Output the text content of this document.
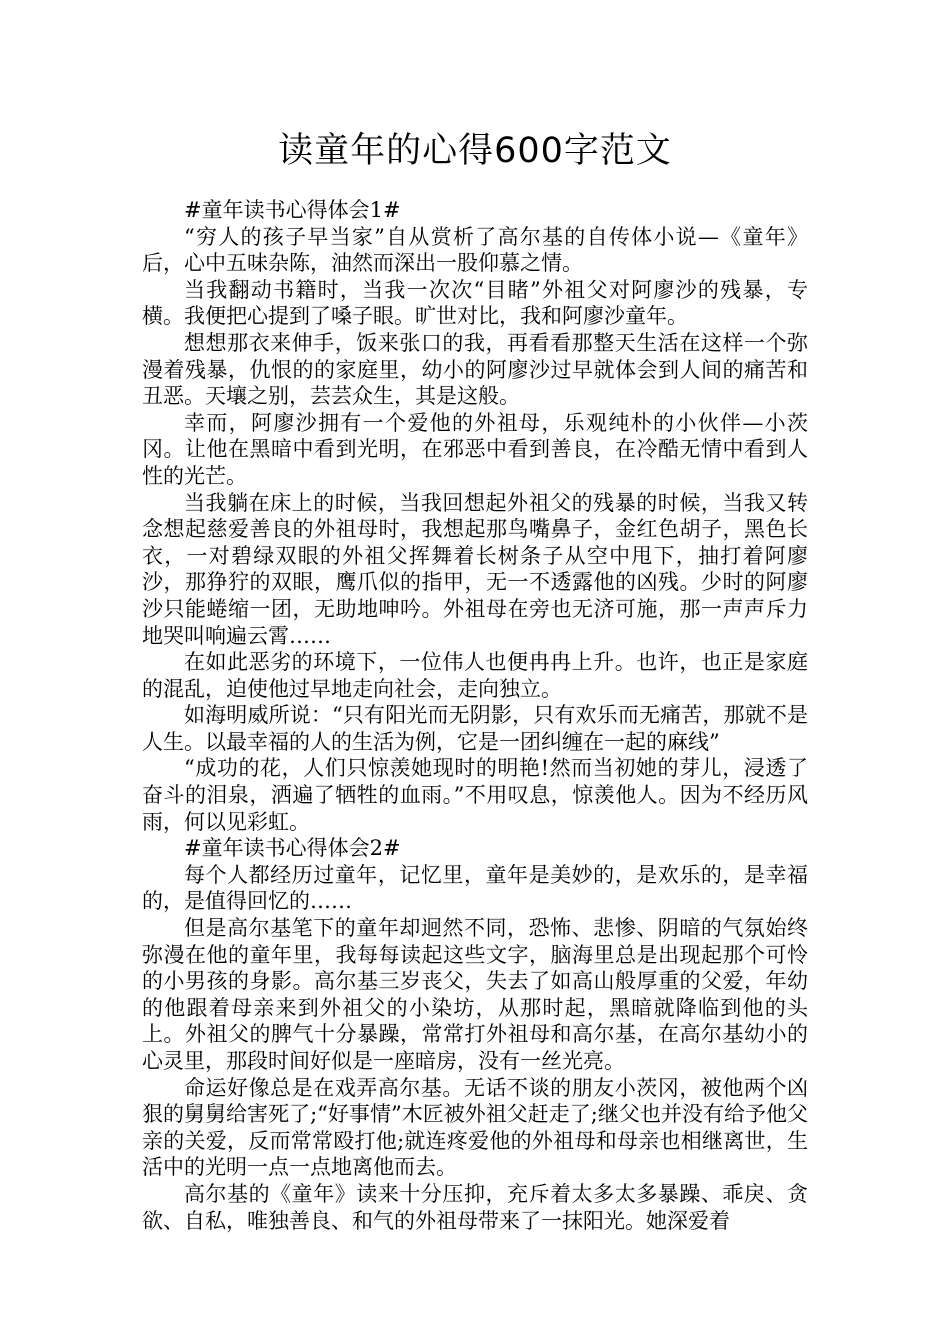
读童年的心得600字范文

#童年读书心得体会1#

“穷人的孩子早当家”自从赏析了高尔基的自传体小说—《童年》后，心中五味杂陈，油然而深出一股仰慕之情。

当我翻动书籍时，当我一次次“目睹”外祖父对阿廖沙的残暴，专横。我便把心提到了嗓子眼。旷世对比，我和阿廖沙童年。

想想那衣来伸手，饭来张口的我，再看看那整天生活在这样一个弥漫着残暴，仇恨的的家庭里，幼小的阿廖沙过早就体会到人间的痛苦和丑恶。天壤之别，芸芸众生，其是这般。

幸而，阿廖沙拥有一个爱他的外祖母，乐观纯朴的小伙伴—小茨冈。让他在黑暗中看到光明，在邪恶中看到善良，在冷酷无情中看到人性的光芒。

当我躺在床上的时候，当我回想起外祖父的残暴的时候，当我又转念想起慈爱善良的外祖母时，我想起那鸟嘴鼻子，金红色胡子，黑色长衣，一对碧绿双眼的外祖父挥舞着长树条子从空中甩下，抽打着阿廖沙，那狰狞的双眼，鹰爪似的指甲，无一不透露他的凶残。少时的阿廖沙只能蜷缩一团，无助地呻吟。外祖母在旁也无济可施，那一声声斥力地哭叫响遍云霄……

在如此恶劣的环境下，一位伟人也便冉冉上升。也许，也正是家庭的混乱，迫使他过早地走向社会，走向独立。

如海明威所说：“只有阳光而无阴影，只有欢乐而无痛苦，那就不是人生。以最幸福的人的生活为例，它是一团纠缠在一起的麻线”

“成功的花，人们只惊羡她现时的明艳!然而当初她的芽儿，浸透了奋斗的泪泉，洒遍了牺牲的血雨。”不用叹息，惊羡他人。因为不经历风雨，何以见彩虹。

#童年读书心得体会2#

每个人都经历过童年，记忆里，童年是美妙的，是欢乐的，是幸福的，是值得回忆的……

但是高尔基笔下的童年却迥然不同，恐怖、悲惨、阴暗的气氛始终弥漫在他的童年里，我每每读起这些文字，脑海里总是出现起那个可怜的小男孩的身影。高尔基三岁丧父，失去了如高山般厚重的父爱，年幼的他跟着母亲来到外祖父的小染坊，从那时起，黑暗就降临到他的头上。外祖父的脾气十分暴躁，常常打外祖母和高尔基，在高尔基幼小的心灵里，那段时间好似是一座暗房，没有一丝光亮。

命运好像总是在戏弄高尔基。无话不谈的朋友小茨冈，被他两个凶狠的舅舅给害死了;“好事情”木匠被外祖父赶走了;继父也并没有给予他父亲的关爱，反而常常殴打他;就连疼爱他的外祖母和母亲也相继离世，生活中的光明一点一点地离他而去。

高尔基的《童年》读来十分压抑，充斥着太多太多暴躁、乖戾、贪欲、自私，唯独善良、和气的外祖母带来了一抹阳光。她深爱着
